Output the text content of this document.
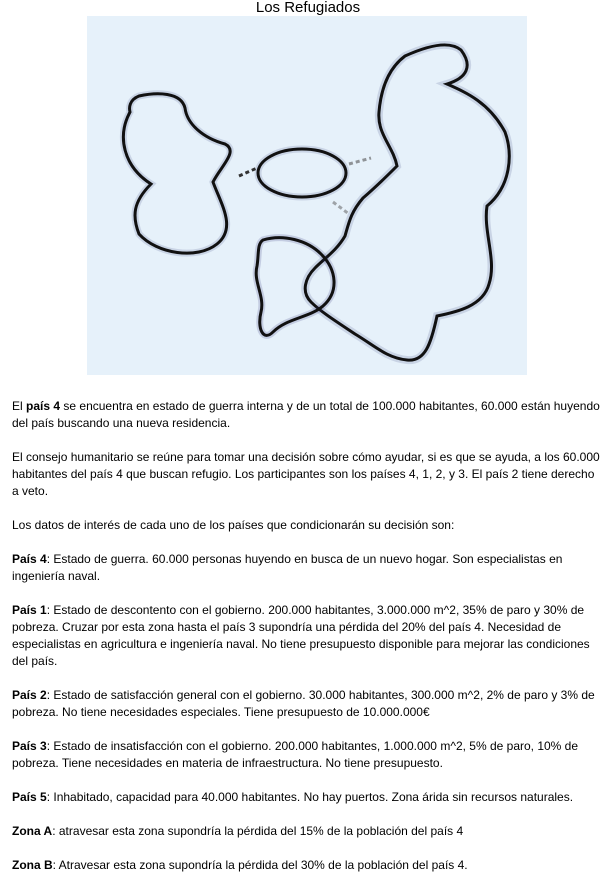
Los Refugiados

El país 4 se encuentra en estado de guerra interna y de un total de 100.000 habitantes, 60.000 están huyendo del país buscando una nueva residencia.

El consejo humanitario se reúne para tomar una decisión sobre cómo ayudar, si es que se ayuda, a los 60.000 habitantes del país 4 que buscan refugio. Los participantes son los países 4, 1, 2, y 3. El país 2 tiene derecho a veto.

Los datos de interés de cada uno de los países que condicionarán su decisión son:

País 4: Estado de guerra. 60.000 personas huyendo en busca de un nuevo hogar. Son especialistas en ingeniería naval.

País 1: Estado de descontento con el gobierno. 200.000 habitantes, 3.000.000 m^2, 35% de paro y 30% de pobreza. Cruzar por esta zona hasta el país 3 supondría una pérdida del 20% del país 4. Necesidad de especialistas en agricultura e ingeniería naval. No tiene presupuesto disponible para mejorar las condiciones del país.

País 2: Estado de satisfacción general con el gobierno. 30.000 habitantes, 300.000 m^2, 2% de paro y 3% de pobreza. No tiene necesidades especiales. Tiene presupuesto de 10.000.000€

País 3: Estado de insatisfacción con el gobierno. 200.000 habitantes, 1.000.000 m^2, 5% de paro, 10% de pobreza. Tiene necesidades en materia de infraestructura. No tiene presupuesto.

País 5: Inhabitado, capacidad para 40.000 habitantes. No hay puertos. Zona árida sin recursos naturales.

Zona A: atravesar esta zona supondría la pérdida del 15% de la población del país 4

Zona B: Atravesar esta zona supondría la pérdida del 30% de la población del país 4.
